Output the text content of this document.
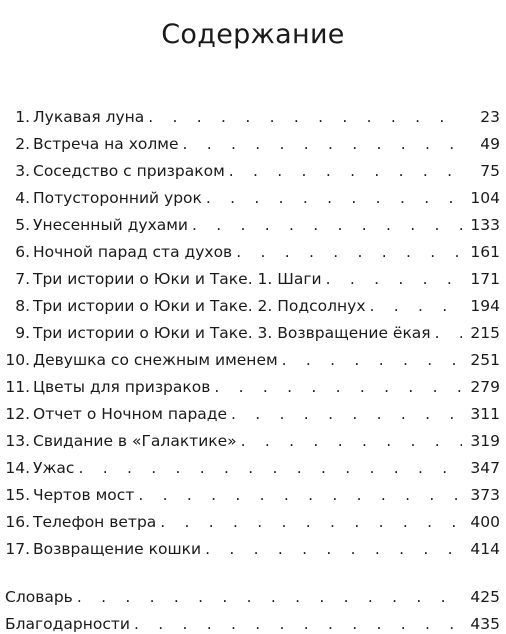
Содержание
1. Лукавая луна . . .	23
2. Встреча на холме . . .	49
3. Соседство с призраком . . .	75
4. Потусторонний урок . . .	104
5. Унесенный духами . . .	133
6. Ночной парад ста духов . . .	161
7. Три истории о Юки и Таке. 1. Шаги . . .	171
8. Три истории о Юки и Таке. 2. Подсолнух . . .	194
9. Три истории о Юки и Таке. 3. Возвращение ёкая . . .	215
10. Девушка со снежным именем . . .	251
11. Цветы для призраков . . .	279
12. Отчет о Ночном параде . . .	311
13. Свидание в «Галактике» . . .	319
14. Ужас . . .	347
15. Чертов мост . . .	373
16. Телефон ветра . . .	400
17. Возвращение кошки . . .	414
Словарь . . .	425
Благодарности . . .	435
